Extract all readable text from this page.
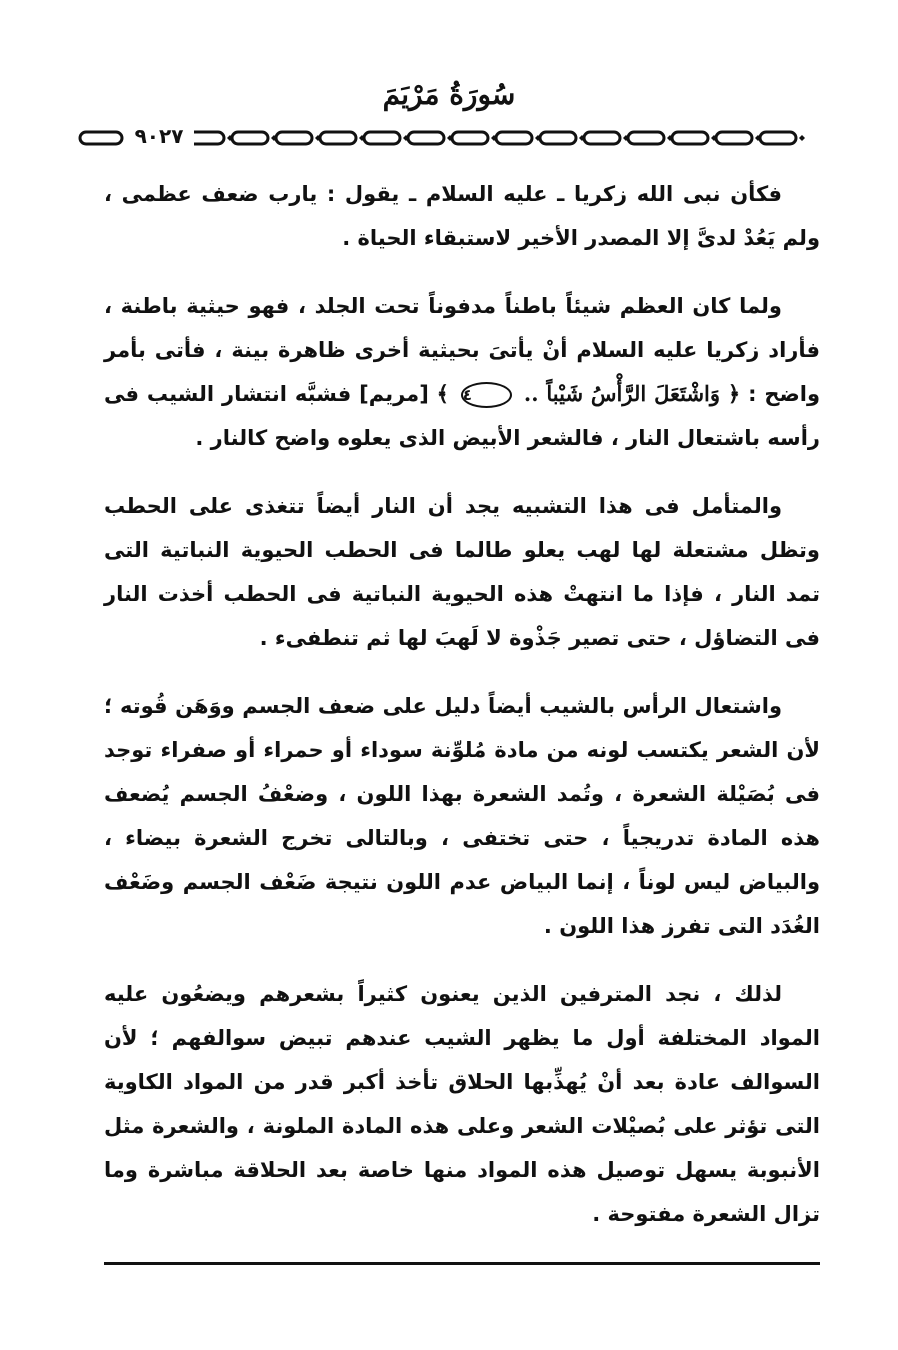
سُورَةُ مَرْيَمَ
٩٠٢٧

فكأن نبى الله زكريا ـ عليه السلام ـ يقول : يارب ضعف عظمى ، ولم يَعُدْ لدىَّ إلا المصدر الأخير لاستبقاء الحياة .

ولما كان العظم شيئاً باطناً مدفوناً تحت الجلد ، فهو حيثية باطنة ، فأراد زكريا عليه السلام أنْ يأتىَ بحيثية أخرى ظاهرة بينة ، فأتى بأمر واضح : ﴿ وَاشْتَعَلَ الرَّأْسُ شَيْباً .. ٤ ﴾ [مريم] فشبَّه انتشار الشيب فى رأسه باشتعال النار ، فالشعر الأبيض الذى يعلوه واضح كالنار .

والمتأمل فى هذا التشبيه يجد أن النار أيضاً تتغذى على الحطب وتظل مشتعلة لها لهب يعلو طالما فى الحطب الحيوية النباتية التى تمد النار ، فإذا ما انتهتْ هذه الحيوية النباتية فى الحطب أخذت النار فى التضاؤل ، حتى تصير جَذْوة لا لَهبَ لها ثم تنطفىء .

واشتعال الرأس بالشيب أيضاً دليل على ضعف الجسم ووَهَن قُوته ؛ لأن الشعر يكتسب لونه من مادة مُلوِّنة سوداء أو حمراء أو صفراء توجد فى بُصَيْلة الشعرة ، وتُمد الشعرة بهذا اللون ، وضعْفُ الجسم يُضعف هذه المادة تدريجياً ، حتى تختفى ، وبالتالى تخرج الشعرة بيضاء ، والبياض ليس لوناً ، إنما البياض عدم اللون نتيجة ضَعْف الجسم وضَعْف الغُدَد التى تفرز هذا اللون .

لذلك ، نجد المترفين الذين يعنون كثيراً بشعرهم ويضعُون عليه المواد المختلفة أول ما يظهر الشيب عندهم تبيض سوالفهم ؛ لأن السوالف عادة بعد أنْ يُهذِّبها الحلاق تأخذ أكبر قدر من المواد الكاوية التى تؤثر على بُصيْلات الشعر وعلى هذه المادة الملونة ، والشعرة مثل الأنبوبة يسهل توصيل هذه المواد منها خاصة بعد الحلاقة مباشرة وما تزال الشعرة مفتوحة .
